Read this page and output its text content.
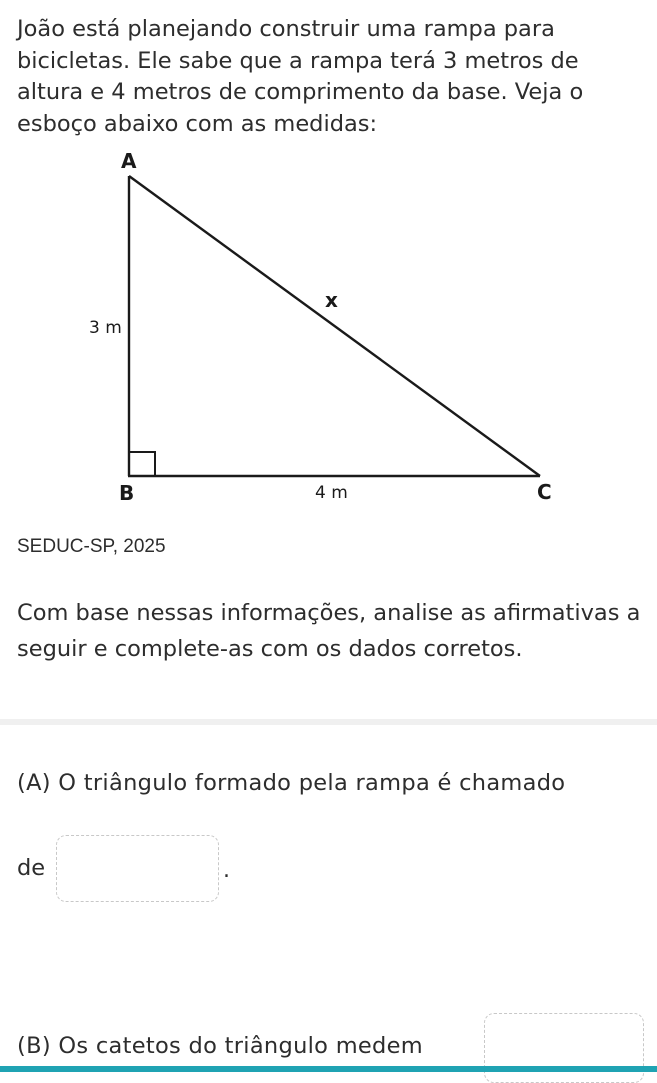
João está planejando construir uma rampa para bicicletas. Ele sabe que a rampa terá 3 metros de altura e 4 metros de comprimento da base. Veja o esboço abaixo com as medidas:
A
B	C
3 m
4 m
x
SEDUC-SP, 2025
Com base nessas informações, analise as afirmativas a seguir e complete-as com os dados corretos.
(A) O triângulo formado pela rampa é chamado
de	.
(B) Os catetos do triângulo medem
